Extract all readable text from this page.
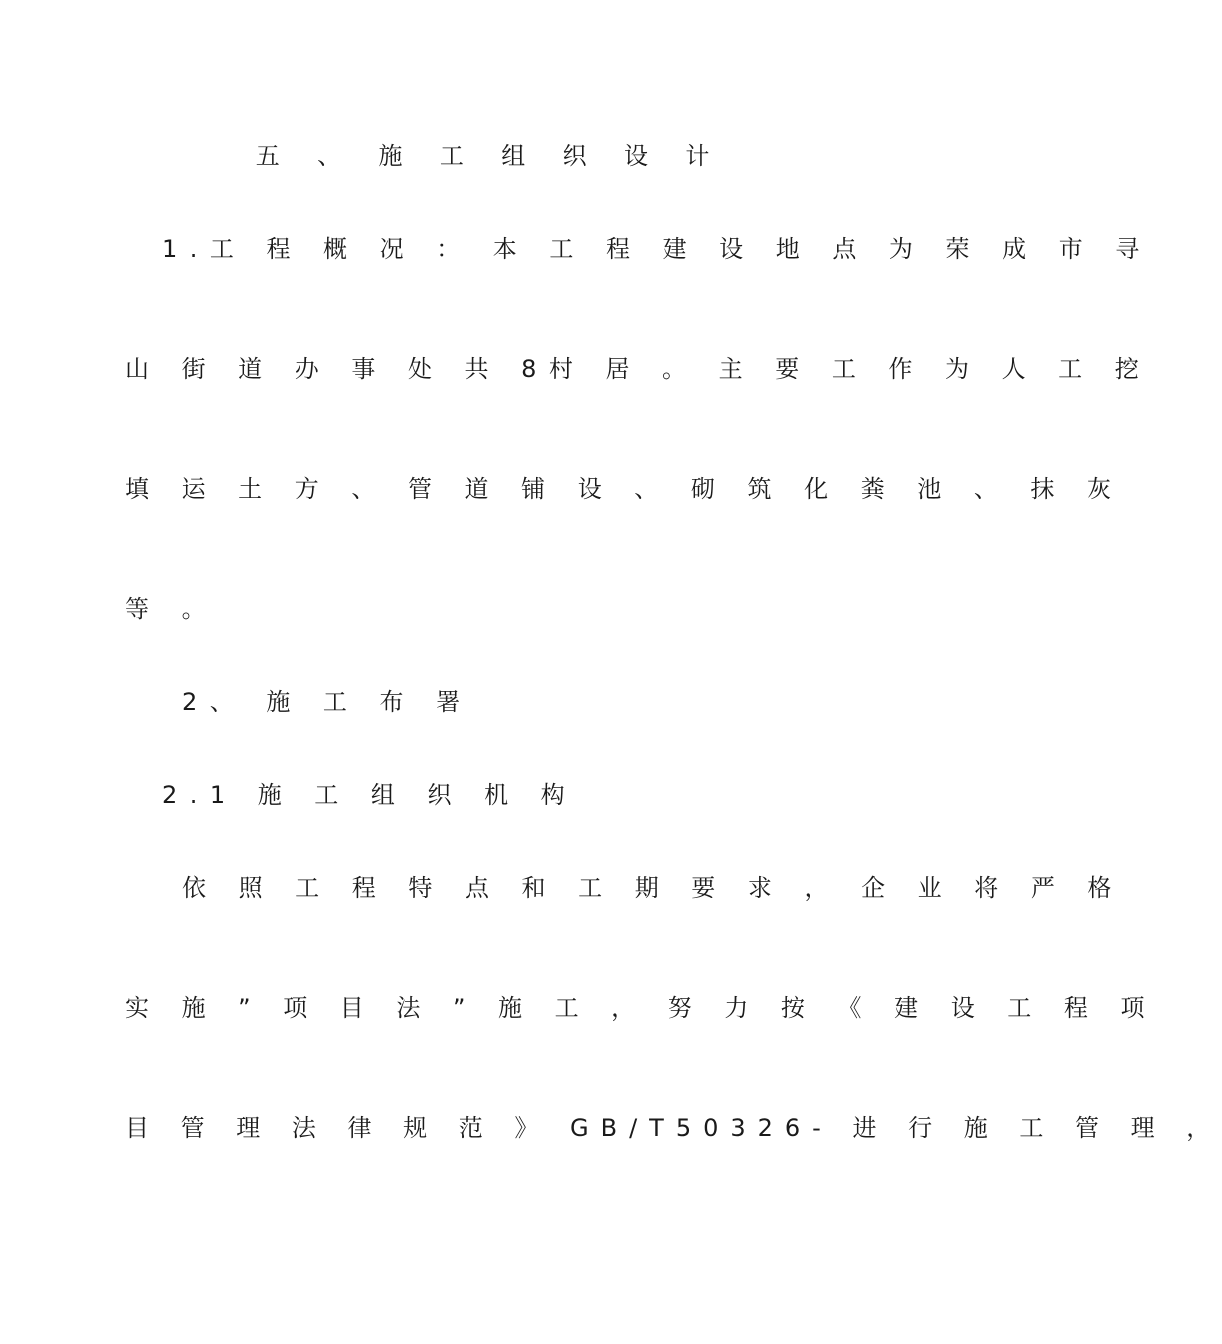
五 、 施 工 组 织 设 计
1.工 程 概 况 ： 本 工 程 建 设 地 点 为 荣 成 市 寻
山 街 道 办 事 处 共 8村 居 。 主 要 工 作 为 人 工 挖
填 运 土 方 、 管 道 铺 设 、 砌 筑 化 粪 池 、 抹 灰
等 。
2、 施 工 布 署
2.1 施 工 组 织 机 构
依 照 工 程 特 点 和 工 期 要 求 ， 企 业 将 严 格
实 施 ” 项 目 法 ” 施 工 ， 努 力 按 《 建 设 工 程 项
目 管 理 法 律 规 范 》 GB/T50326- 进 行 施 工 管 理 ，
